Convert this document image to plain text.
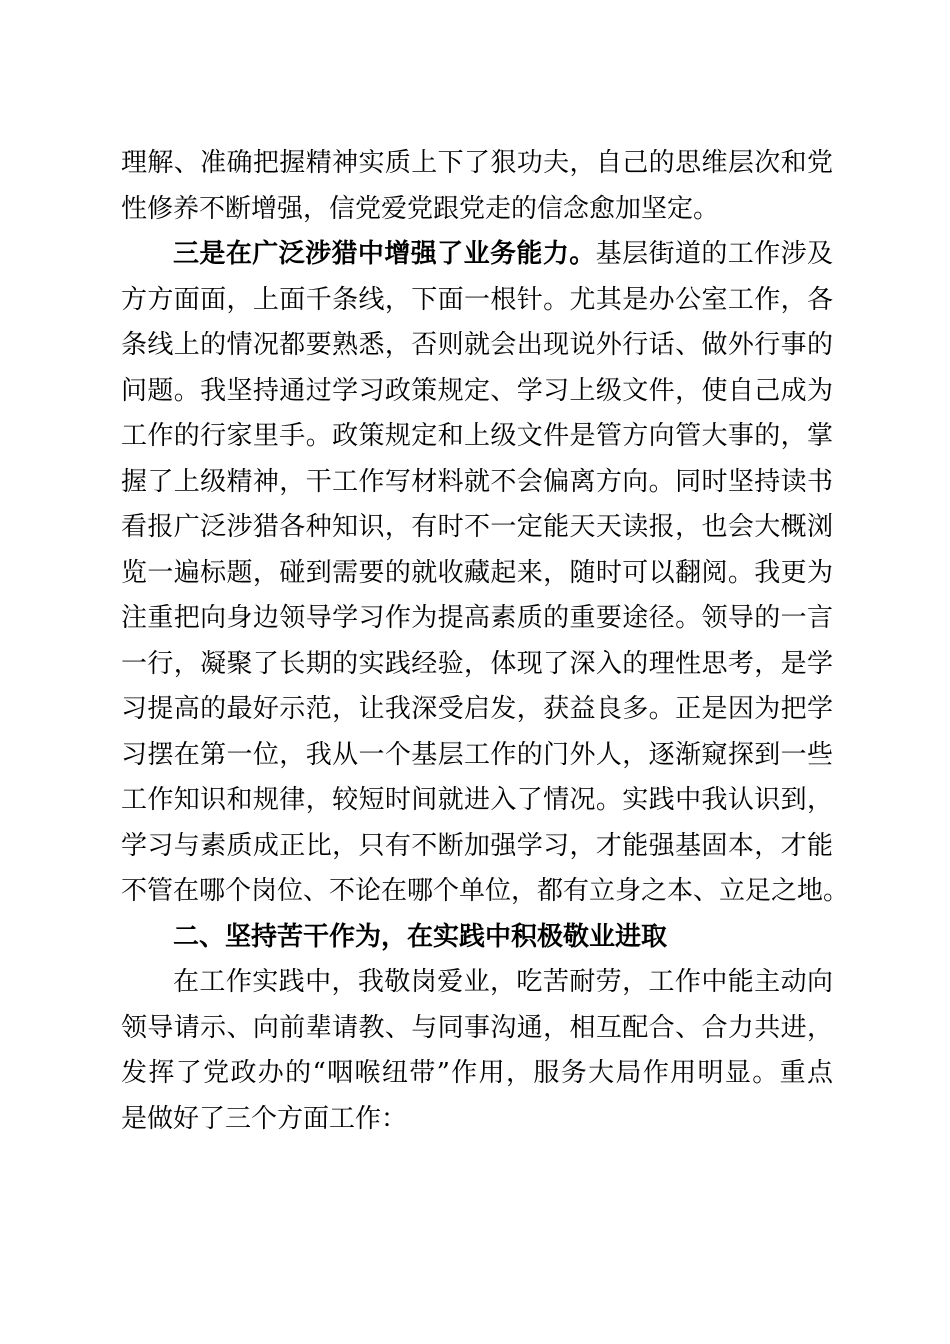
理解、准确把握精神实质上下了狠功夫，自己的思维层次和党
性修养不断增强，信党爱党跟党走的信念愈加坚定。
三是在广泛涉猎中增强了业务能力。基层街道的工作涉及
方方面面，上面千条线，下面一根针。尤其是办公室工作，各
条线上的情况都要熟悉，否则就会出现说外行话、做外行事的
问题。我坚持通过学习政策规定、学习上级文件，使自己成为
工作的行家里手。政策规定和上级文件是管方向管大事的，掌
握了上级精神，干工作写材料就不会偏离方向。同时坚持读书
看报广泛涉猎各种知识，有时不一定能天天读报，也会大概浏
览一遍标题，碰到需要的就收藏起来，随时可以翻阅。我更为
注重把向身边领导学习作为提高素质的重要途径。领导的一言
一行，凝聚了长期的实践经验，体现了深入的理性思考，是学
习提高的最好示范，让我深受启发，获益良多。正是因为把学
习摆在第一位，我从一个基层工作的门外人，逐渐窥探到一些
工作知识和规律，较短时间就进入了情况。实践中我认识到，
学习与素质成正比，只有不断加强学习，才能强基固本，才能
不管在哪个岗位、不论在哪个单位，都有立身之本、立足之地。
二、坚持苦干作为，在实践中积极敬业进取
在工作实践中，我敬岗爱业，吃苦耐劳，工作中能主动向
领导请示、向前辈请教、与同事沟通，相互配合、合力共进，
发挥了党政办的“咽喉纽带”作用，服务大局作用明显。重点
是做好了三个方面工作：
